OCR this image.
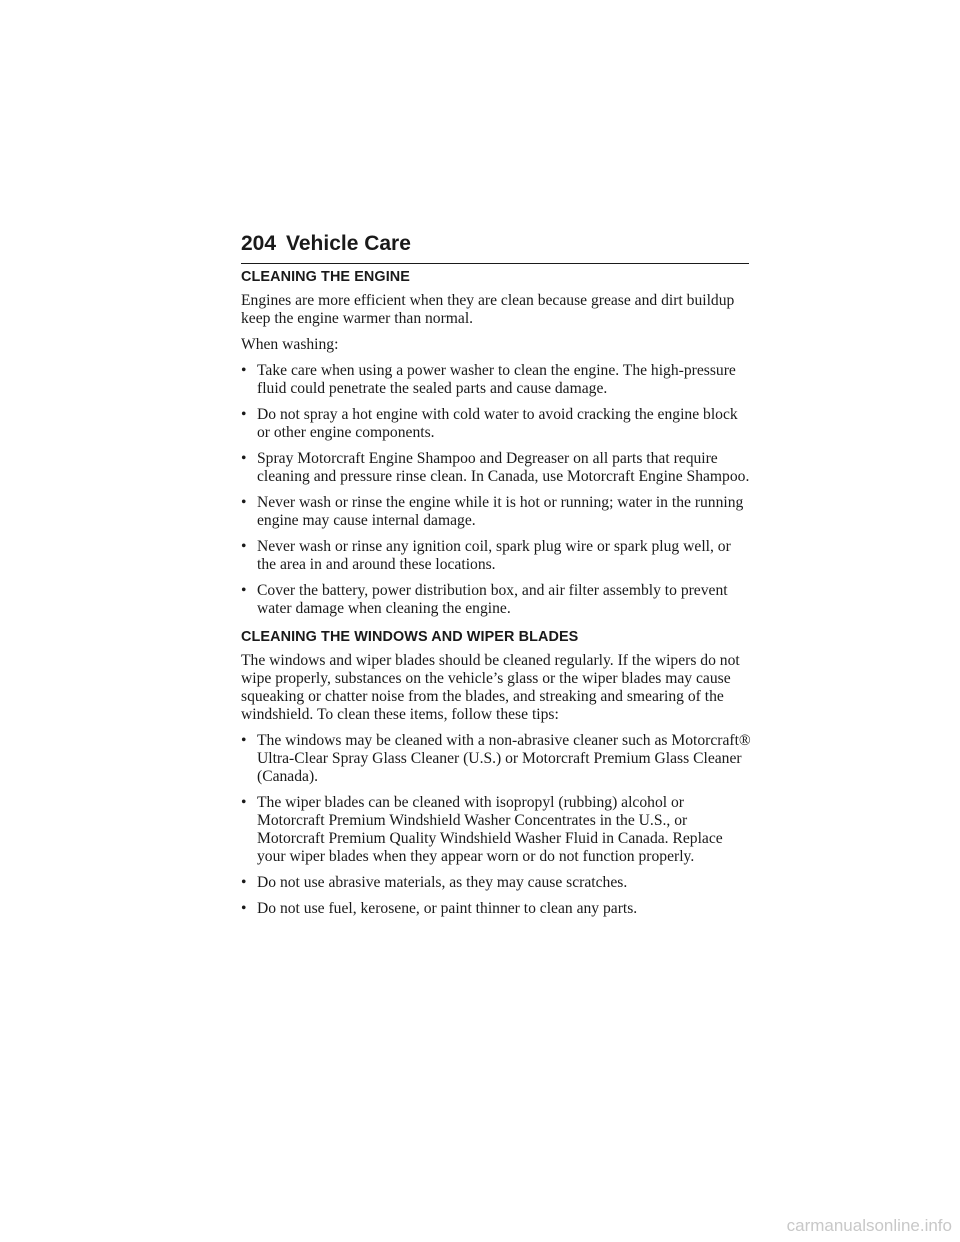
204 Vehicle Care
CLEANING THE ENGINE

Engines are more efficient when they are clean because grease and dirt buildup keep the engine warmer than normal.

When washing:

• Take care when using a power washer to clean the engine. The high-pressure fluid could penetrate the sealed parts and cause damage.
• Do not spray a hot engine with cold water to avoid cracking the engine block or other engine components.
• Spray Motorcraft Engine Shampoo and Degreaser on all parts that require cleaning and pressure rinse clean. In Canada, use Motorcraft Engine Shampoo.
• Never wash or rinse the engine while it is hot or running; water in the running engine may cause internal damage.
• Never wash or rinse any ignition coil, spark plug wire or spark plug well, or the area in and around these locations.
• Cover the battery, power distribution box, and air filter assembly to prevent water damage when cleaning the engine.
CLEANING THE WINDOWS AND WIPER BLADES

The windows and wiper blades should be cleaned regularly. If the wipers do not wipe properly, substances on the vehicle’s glass or the wiper blades may cause squeaking or chatter noise from the blades, and streaking and smearing of the windshield. To clean these items, follow these tips:

• The windows may be cleaned with a non-abrasive cleaner such as Motorcraft® Ultra-Clear Spray Glass Cleaner (U.S.) or Motorcraft Premium Glass Cleaner (Canada).
• The wiper blades can be cleaned with isopropyl (rubbing) alcohol or Motorcraft Premium Windshield Washer Concentrates in the U.S., or Motorcraft Premium Quality Windshield Washer Fluid in Canada. Replace your wiper blades when they appear worn or do not function properly.
• Do not use abrasive materials, as they may cause scratches.
• Do not use fuel, kerosene, or paint thinner to clean any parts.
carmanualsonline.info
